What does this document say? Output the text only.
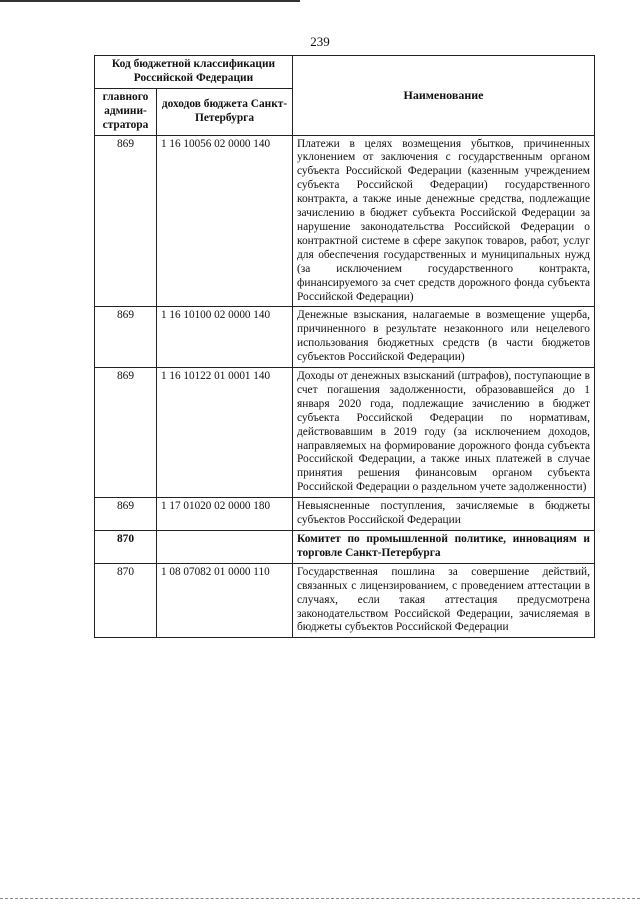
239
Код бюджетной классификации Российской Федерации		Наименование
главного админи-стратора	доходов бюджета Санкт-Петербурга	
869	1 16 10056 02 0000 140	Платежи в целях возмещения убытков, причиненных уклонением от заключения с государственным органом субъекта Российской Федерации (казенным учреждением субъекта Российской Федерации) государственного контракта, а также иные денежные средства, подлежащие зачислению в бюджет субъекта Российской Федерации за нарушение законодательства Российской Федерации о контрактной системе в сфере закупок товаров, работ, услуг для обеспечения государственных и муниципальных нужд (за исключением государственного контракта, финансируемого за счет средств дорожного фонда субъекта Российской Федерации)
869	1 16 10100 02 0000 140	Денежные взыскания, налагаемые в возмещение ущерба, причиненного в результате незаконного или нецелевого использования бюджетных средств (в части бюджетов субъектов Российской Федерации)
869	1 16 10122 01 0001 140	Доходы от денежных взысканий (штрафов), поступающие в счет погашения задолженности, образовавшейся до 1 января 2020 года, подлежащие зачислению в бюджет субъекта Российской Федерации по нормативам, действовавшим в 2019 году (за исключением доходов, направляемых на формирование дорожного фонда субъекта Российской Федерации, а также иных платежей в случае принятия решения финансовым органом субъекта Российской Федерации о раздельном учете задолженности)
869	1 17 01020 02 0000 180	Невыясненные поступления, зачисляемые в бюджеты субъектов Российской Федерации
870		Комитет по промышленной политике, инновациям и торговле Санкт-Петербурга
870	1 08 07082 01 0000 110	Государственная пошлина за совершение действий, связанных с лицензированием, с проведением аттестации в случаях, если такая аттестация предусмотрена законодательством Российской Федерации, зачисляемая в бюджеты субъектов Российской Федерации
